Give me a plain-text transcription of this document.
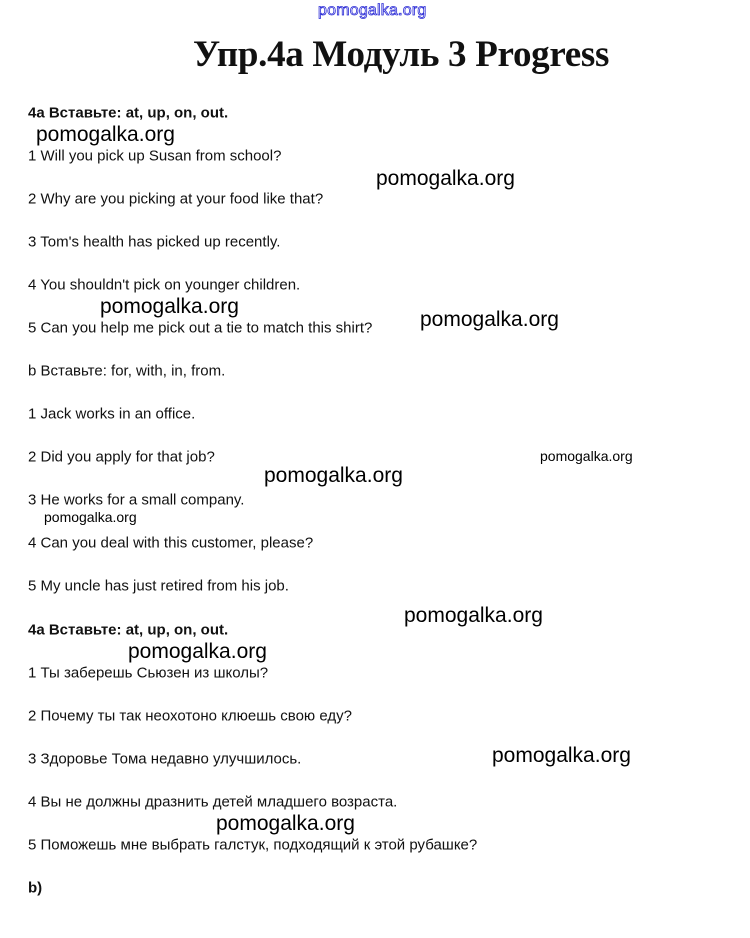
pomogalka.org
Упр.4а Модуль 3 Progress
4a Вставьте: at, up, on, out.
1 Will you pick up Susan from school?
2 Why are you picking at your food like that?
3 Tom's health has picked up recently.
4 You shouldn't pick on younger children.
5 Can you help me pick out a tie to match this shirt?
b Вставьте: for, with, in, from.
1 Jack works in an office.
2 Did you apply for that job?
3 He works for a small company.
4 Can you deal with this customer, please?
5 My uncle has just retired from his job.
4a Вставьте: at, up, on, out.
1 Ты заберешь Сьюзен из школы?
2 Почему ты так неохотоно клюешь свою еду?
3 Здоровье Тома недавно улучшилось.
4 Вы не должны дразнить детей младшего возраста.
5 Поможешь мне выбрать галстук, подходящий к этой рубашке?
b)
pomogalka.org
pomogalka.org
pomogalka.org
pomogalka.org
pomogalka.org
pomogalka.org
pomogalka.org
pomogalka.org
pomogalka.org
pomogalka.org
pomogalka.org
